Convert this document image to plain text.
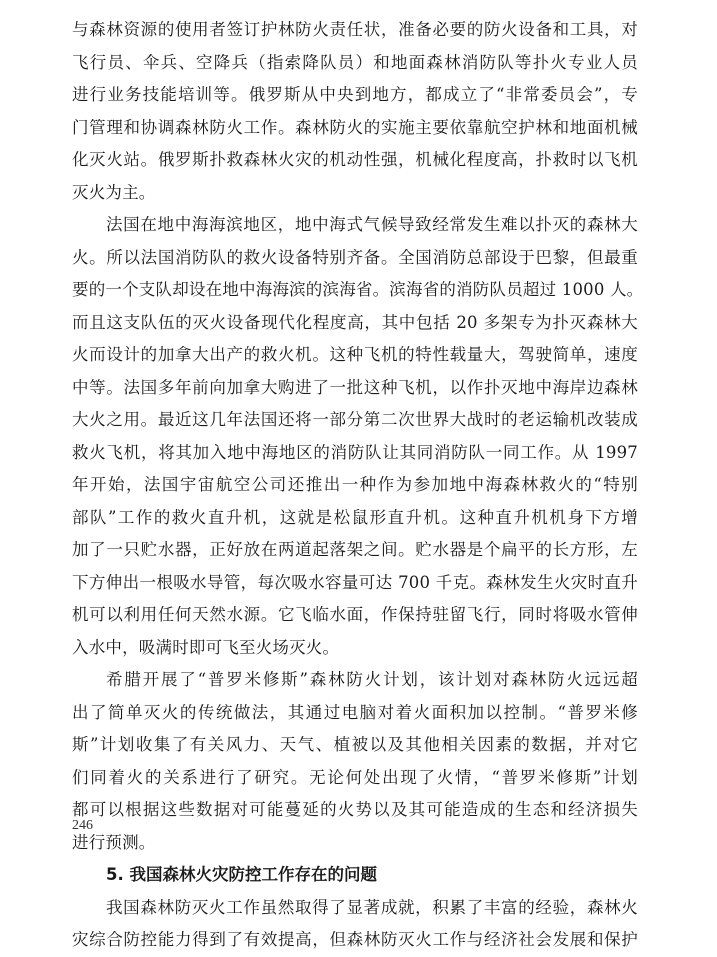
与森林资源的使用者签订护林防火责任状，准备必要的防火设备和工具，对
飞行员、伞兵、空降兵（指索降队员）和地面森林消防队等扑火专业人员
进行业务技能培训等。俄罗斯从中央到地方，都成立了“非常委员会”，专
门管理和协调森林防火工作。森林防火的实施主要依靠航空护林和地面机械
化灭火站。俄罗斯扑救森林火灾的机动性强，机械化程度高，扑救时以飞机
灭火为主。
法国在地中海海滨地区，地中海式气候导致经常发生难以扑灭的森林大
火。所以法国消防队的救火设备特别齐备。全国消防总部设于巴黎，但最重
要的一个支队却设在地中海海滨的滨海省。滨海省的消防队员超过 1000 人。
而且这支队伍的灭火设备现代化程度高，其中包括 20 多架专为扑灭森林大
火而设计的加拿大出产的救火机。这种飞机的特性载量大，驾驶简单，速度
中等。法国多年前向加拿大购进了一批这种飞机，以作扑灭地中海岸边森林
大火之用。最近这几年法国还将一部分第二次世界大战时的老运输机改装成
救火飞机，将其加入地中海地区的消防队让其同消防队一同工作。从 1997
年开始，法国宇宙航空公司还推出一种作为参加地中海森林救火的“特别
部队”工作的救火直升机，这就是松鼠形直升机。这种直升机机身下方增
加了一只贮水器，正好放在两道起落架之间。贮水器是个扁平的长方形，左
下方伸出一根吸水导管，每次吸水容量可达 700 千克。森林发生火灾时直升
机可以利用任何天然水源。它飞临水面，作保持驻留飞行，同时将吸水管伸
入水中，吸满时即可飞至火场灭火。
希腊开展了“普罗米修斯”森林防火计划，该计划对森林防火远远超
出了简单灭火的传统做法，其通过电脑对着火面积加以控制。“普罗米修
斯”计划收集了有关风力、天气、植被以及其他相关因素的数据，并对它
们同着火的关系进行了研究。无论何处出现了火情，“普罗米修斯”计划
都可以根据这些数据对可能蔓延的火势以及其可能造成的生态和经济损失
进行预测。
5. 我国森林火灾防控工作存在的问题
我国森林防灭火工作虽然取得了显著成就，积累了丰富的经验，森林火
灾综合防控能力得到了有效提高，但森林防灭火工作与经济社会发展和保护
246
